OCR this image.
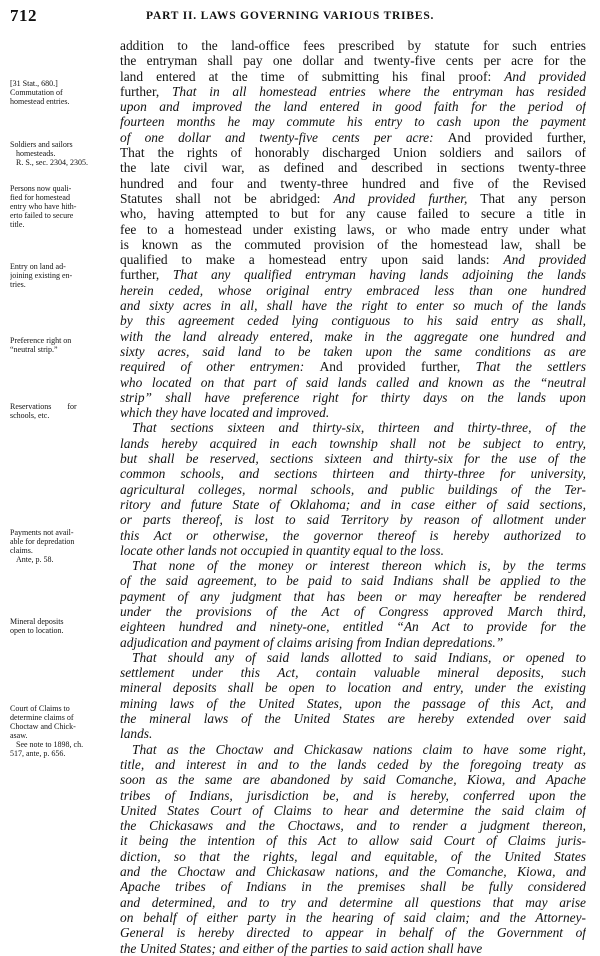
712	PART II. LAWS GOVERNING VARIOUS TRIBES.
[31 Stat., 680.]
Commutation of
homestead entries.
Soldiers and sailors
homesteads.
R. S., sec. 2304, 2305.
Persons now quali-
fied for homestead
entry who have hith-
erto failed to secure
title.
Entry on land ad-
joining existing en-
tries.
Preference right on
“neutral strip.”
Reservations for
schools, etc.
Payments not avail-
able for depredation
claims.
Ante, p. 58.
Mineral deposits
open to location.
Court of Claims to
determine claims of
Choctaw and Chick-
asaw.
See note to 1898, ch.
517, ante, p. 656.
addition to the land-office fees prescribed by statute for such entries
the entryman shall pay one dollar and twenty-five cents per acre for the
land entered at the time of submitting his final proof: And provided
further, That in all homestead entries where the entryman has resided
upon and improved the land entered in good faith for the period of
fourteen months he may commute his entry to cash upon the payment
of one dollar and twenty-five cents per acre: And provided further,
That the rights of honorably discharged Union soldiers and sailors of
the late civil war, as defined and described in sections twenty-three
hundred and four and twenty-three hundred and five of the Revised
Statutes shall not be abridged: And provided further, That any person
who, having attempted to but for any cause failed to secure a title in
fee to a homestead under existing laws, or who made entry under what
is known as the commuted provision of the homestead law, shall be
qualified to make a homestead entry upon said lands: And provided
further, That any qualified entryman having lands adjoining the lands
herein ceded, whose original entry embraced less than one hundred
and sixty acres in all, shall have the right to enter so much of the lands
by this agreement ceded lying contiguous to his said entry as shall,
with the land already entered, make in the aggregate one hundred and
sixty acres, said land to be taken upon the same conditions as are
required of other entrymen: And provided further, That the settlers
who located on that part of said lands called and known as the “neutral
strip” shall have preference right for thirty days on the lands upon
which they have located and improved.
That sections sixteen and thirty-six, thirteen and thirty-three, of the
lands hereby acquired in each township shall not be subject to entry,
but shall be reserved, sections sixteen and thirty-six for the use of the
common schools, and sections thirteen and thirty-three for university,
agricultural colleges, normal schools, and public buildings of the Ter-
ritory and future State of Oklahoma; and in case either of said sections,
or parts thereof, is lost to said Territory by reason of allotment under
this Act or otherwise, the governor thereof is hereby authorized to
locate other lands not occupied in quantity equal to the loss.
That none of the money or interest thereon which is, by the terms
of the said agreement, to be paid to said Indians shall be applied to the
payment of any judgment that has been or may hereafter be rendered
under the provisions of the Act of Congress approved March third,
eighteen hundred and ninety-one, entitled “An Act to provide for the
adjudication and payment of claims arising from Indian depredations.”
That should any of said lands allotted to said Indians, or opened to
settlement under this Act, contain valuable mineral deposits, such
mineral deposits shall be open to location and entry, under the existing
mining laws of the United States, upon the passage of this Act, and
the mineral laws of the United States are hereby extended over said
lands.
That as the Choctaw and Chickasaw nations claim to have some right,
title, and interest in and to the lands ceded by the foregoing treaty as
soon as the same are abandoned by said Comanche, Kiowa, and Apache
tribes of Indians, jurisdiction be, and is hereby, conferred upon the
United States Court of Claims to hear and determine the said claim of
the Chickasaws and the Choctaws, and to render a judgment thereon,
it being the intention of this Act to allow said Court of Claims juris-
diction, so that the rights, legal and equitable, of the United States
and the Choctaw and Chickasaw nations, and the Comanche, Kiowa, and
Apache tribes of Indians in the premises shall be fully considered
and determined, and to try and determine all questions that may arise
on behalf of either party in the hearing of said claim; and the Attorney-
General is hereby directed to appear in behalf of the Government of
the United States; and either of the parties to said action shall have
